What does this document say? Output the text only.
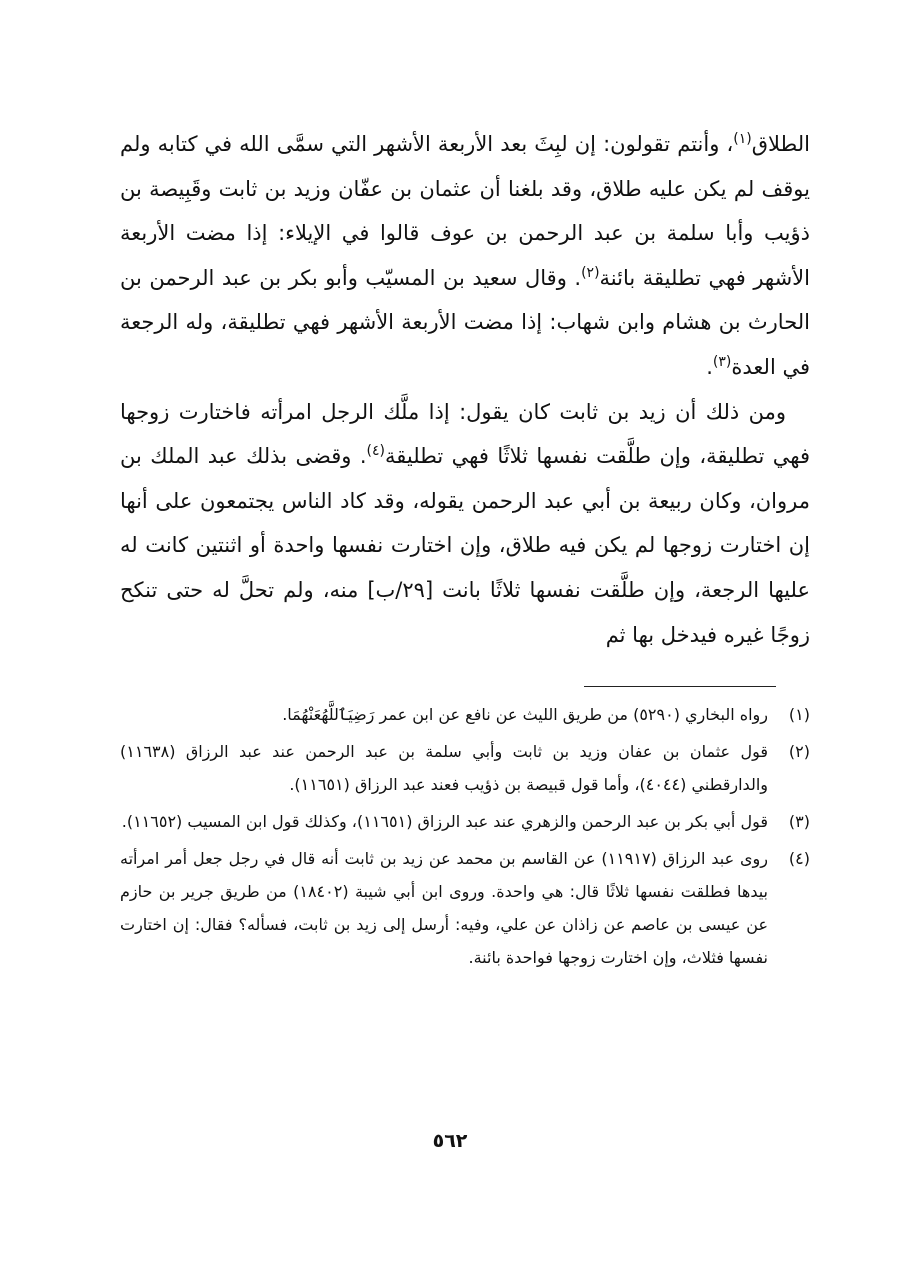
الطلاق$^{(١)}$، وأنتم تقولون: إن لبِثَ بعد الأربعة الأشهر التي سمَّى الله في كتابه ولم يوقف لم يكن عليه طلاق، وقد بلغنا أن عثمان بن عفّان وزيد بن ثابت وقَبِيصة بن ذؤيب وأبا سلمة بن عبد الرحمن بن عوف قالوا في الإيلاء: إذا مضت الأربعة الأشهر فهي تطليقة بائنة$^{(٢)}$. وقال سعيد بن المسيّب وأبو بكر بن عبد الرحمن بن الحارث بن هشام وابن شهاب: إذا مضت الأربعة الأشهر فهي تطليقة، وله الرجعة في العدة$^{(٣)}$.

ومن ذلك أن زيد بن ثابت كان يقول: إذا ملَّك الرجل امرأته فاختارت زوجها فهي تطليقة، وإن طلَّقت نفسها ثلاثًا فهي تطليقة$^{(٤)}$. وقضى بذلك عبد الملك بن مروان، وكان ربيعة بن أبي عبد الرحمن يقوله، وقد كاد الناس يجتمعون على أنها إن اختارت زوجها لم يكن فيه طلاق، وإن اختارت نفسها واحدة أو اثنتين كانت له عليها الرجعة، وإن طلَّقت نفسها ثلاثًا بانت [٢٩/ب] منه، ولم تحلَّ له حتى تنكح زوجًا غيره فيدخل بها ثم

(١)
رواه البخاري (٥٢٩٠) من طريق الليث عن نافع عن ابن عمر رَضِيَٱللَّهُعَنْهُمَا.
(٢)
قول عثمان بن عفان وزيد بن ثابت وأبي سلمة بن عبد الرحمن عند عبد الرزاق (١١٦٣٨) والدارقطني (٤٠٤٤)، وأما قول قبيصة بن ذؤيب فعند عبد الرزاق (١١٦٥١).
(٣)
قول أبي بكر بن عبد الرحمن والزهري عند عبد الرزاق (١١٦٥١)، وكذلك قول ابن المسيب (١١٦٥٢).
(٤)
روى عبد الرزاق (١١٩١٧) عن القاسم بن محمد عن زيد بن ثابت أنه قال في رجل جعل أمر امرأته بيدها فطلقت نفسها ثلاثًا قال: هي واحدة. وروى ابن أبي شيبة (١٨٤٠٢) من طريق جرير بن حازم عن عيسى بن عاصم عن زاذان عن علي، وفيه: أرسل إلى زيد بن ثابت، فسأله؟ فقال: إن اختارت نفسها فثلاث، وإن اختارت زوجها فواحدة بائنة.
٥٦٢
